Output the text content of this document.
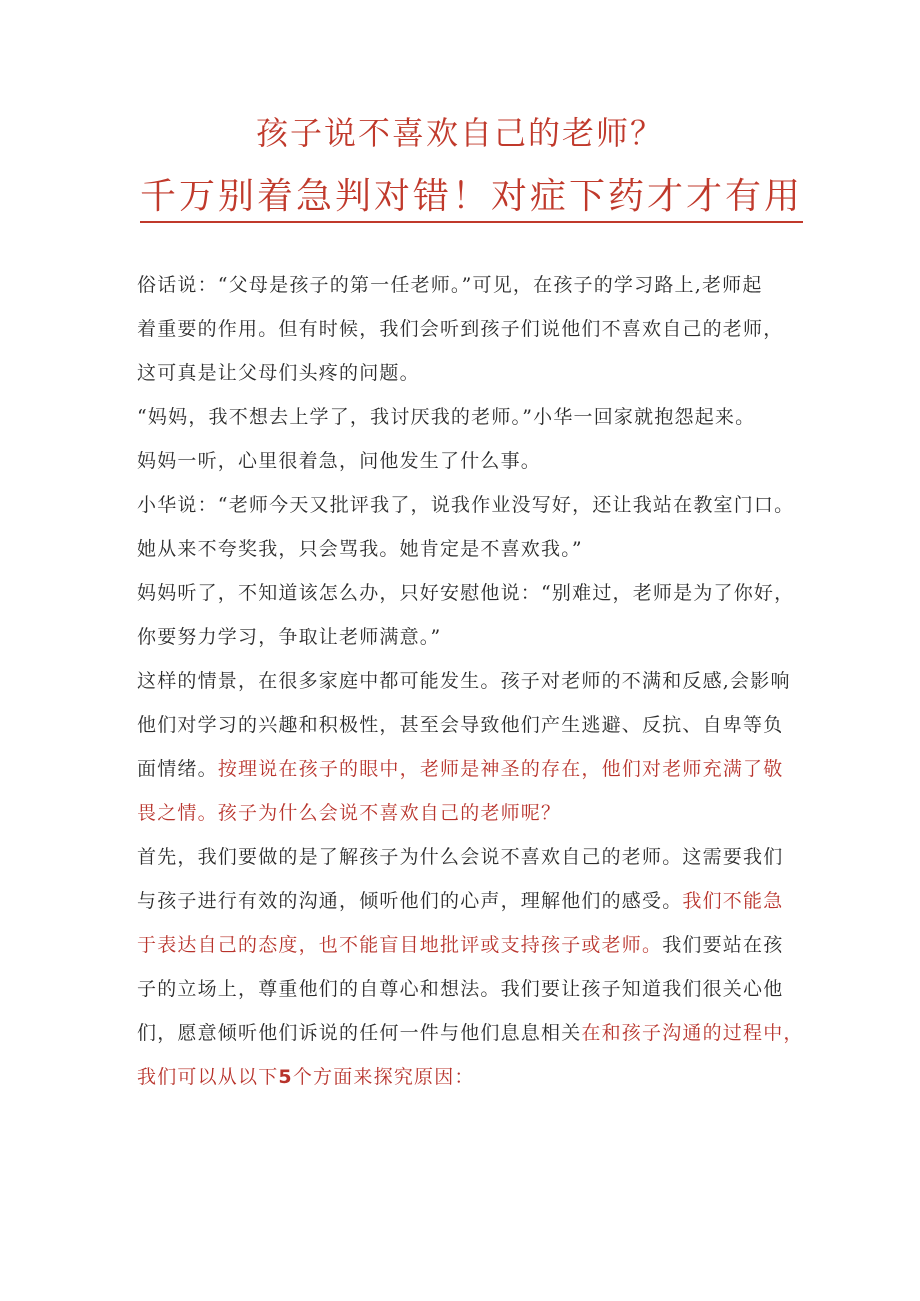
孩子说不喜欢自己的老师？
千万别着急判对错！对症下药才才有用
俗话说：“父母是孩子的第一任老师。”可见，在孩子的学习路上,老师起
着重要的作用。但有时候，我们会听到孩子们说他们不喜欢自己的老师，
这可真是让父母们头疼的问题。
“妈妈，我不想去上学了，我讨厌我的老师。”小华一回家就抱怨起来。
妈妈一听，心里很着急，问他发生了什么事。
小华说：“老师今天又批评我了，说我作业没写好，还让我站在教室门口。
她从来不夸奖我，只会骂我。她肯定是不喜欢我。”
妈妈听了，不知道该怎么办，只好安慰他说：“别难过，老师是为了你好，
你要努力学习，争取让老师满意。”
这样的情景，在很多家庭中都可能发生。孩子对老师的不满和反感,会影响
他们对学习的兴趣和积极性，甚至会导致他们产生逃避、反抗、自卑等负
面情绪。按理说在孩子的眼中，老师是神圣的存在，他们对老师充满了敬
畏之情。孩子为什么会说不喜欢自己的老师呢？
首先，我们要做的是了解孩子为什么会说不喜欢自己的老师。这需要我们
与孩子进行有效的沟通，倾听他们的心声，理解他们的感受。我们不能急
于表达自己的态度，也不能盲目地批评或支持孩子或老师。我们要站在孩
子的立场上，尊重他们的自尊心和想法。我们要让孩子知道我们很关心他
们，愿意倾听他们诉说的任何一件与他们息息相关在和孩子沟通的过程中，
我们可以从以下5个方面来探究原因：
